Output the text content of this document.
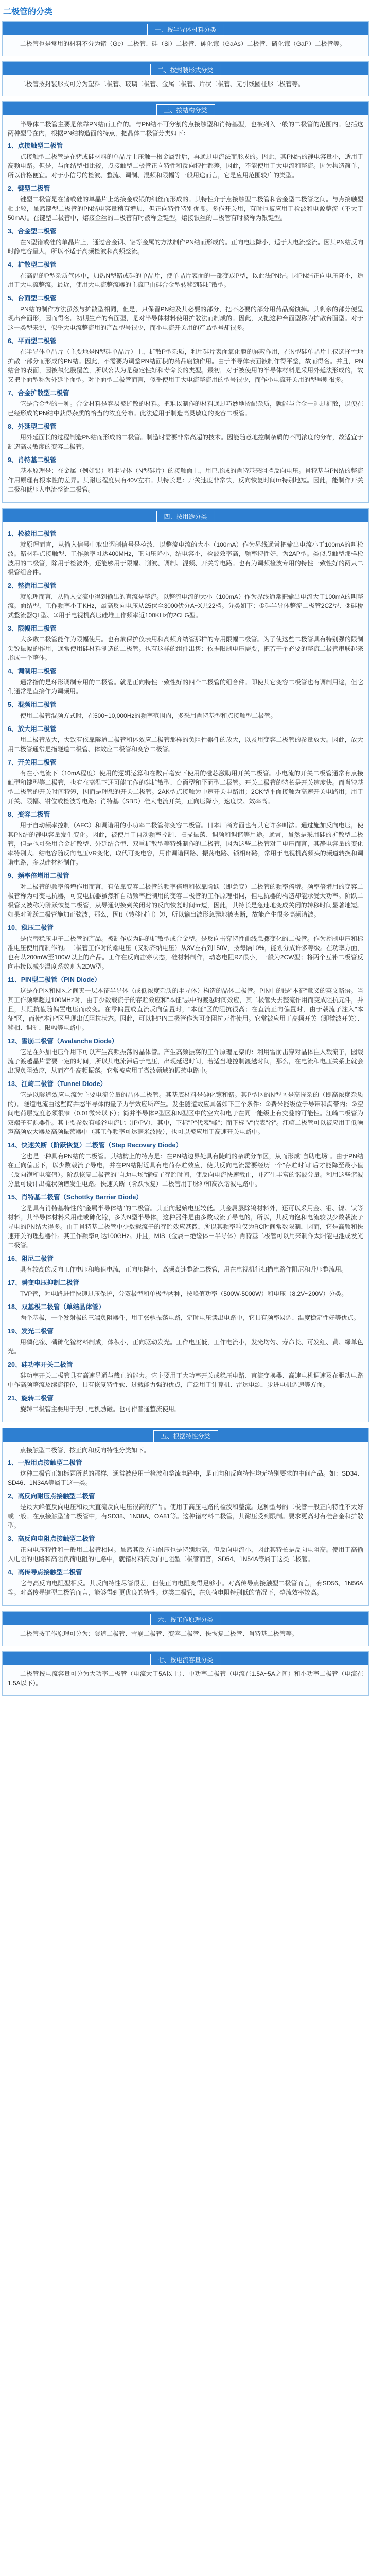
二极管的分类
一、按半导体材料分类

二极管也是常用的材料不分为锗（Ge）二极管、硅（Si）二极管、砷化镓（GaAs）二极管、磷化镓（GaP）二极管等。

二、按封装形式分类

二极管按封装形式可分为塑料二极管、玻璃二极管、金属二极管、片状二极管、无引线圆柱形二极管等。

三、按结构分类

半导体二极管主要是依靠PN结而工作的。与PN结不可分割的点接触型和肖特基型，也被列入一般的二极管的范围内。包括这两种型号在内，根据PN结构造面的特点，把晶体二极管分类如下：

1、点接触型二极管

点接触型二极管是在锗或硅材料的单晶片上压触一根金属针后，再通过电流法而形成的。因此，其PN结的静电容量小，适用于高频电路。但是，与面结型相比较，点接触型二极管正向特性和反向特性都差，因此，不能使用于大电流和整流。因为构造简单，所以价格便宜。对于小信号的检波、整流、调制、混频和限幅等一般用途而言，它是应用范围较广的类型。

2、键型二极管

键型二极管是在锗或硅的单晶片上熔接金或银的细丝而形成的。其特性介于点接触型二极管和合金型二极管之间。与点接触型相比较，虽然键型二极管的PN结电容量稍有增加，但正向特性特别优良。多作开关用，有时也被应用于检波和电源整流（不大于50mA）。在键型二极管中，熔接金丝的二极管有时被称金键型，熔接银丝的二极管有时被称为银键型。

3、合金型二极管

在N型锗或硅的单晶片上，通过合金铟、铝等金属的方法制作PN结而形成的。正向电压降小，适于大电流整流。因其PN结反向时静电容量大，所以不适于高频检波和高频整流。

4、扩散型二极管

在高温的P型杂质气体中，加热N型锗或硅的单晶片，使单晶片表面的一部变成P型，以此法PN结。因PN结正向电压降小，适用于大电流整流。最近，使用大电流整流器的主流已由硅合金型转移到硅扩散型。

5、台面型二极管

PN结的制作方法虽然与扩散型相同，但是，只保留PN结及其必要的部分，把不必要的部分用药品腐蚀掉。其剩余的部分便呈现出台面形，因而得名。初期生产的台面型，是对半导体材料使用扩散法而制成的。因此，又把这种台面型称为扩散台面型。对于这一类型来说，似乎大电流整流用的产品型号很少，而小电流开关用的产品型号却很多。

6、平面型二极管

在半导体单晶片（主要地是N型硅单晶片）上，扩散P型杂质，利用硅片表面氧化膜的屏蔽作用，在N型硅单晶片上仅选择性地扩散一部分而形成的PN结。因此，不需要为调整PN结面积的药品腐蚀作用。由于半导体表面被制作得平整，故而得名。并且，PN结合的表面，因被氧化膜覆盖，所以公认为是稳定性好和寿命长的类型。最初，对于被使用的半导体材料是采用外延法形成的，故又把平面型称为外延平面型。对平面型二极管而言，似乎使用于大电流整流用的型号很少，而作小电流开关用的型号则很多。

7、合金扩散型二极管

它是合金型的一种。合金材料是容易被扩散的材料。把难以制作的材料通过巧妙地掺配杂质，就能与合金一起过扩散，以便在已经形成的PN结中获得杂质的恰当的浓度分布。此法适用于制造高灵敏度的变容二极管。

8、外延型二极管

用外延面长的过程制造PN结而形成的二极管。制造时需要非常高超的技术。因能随意地控制杂质的不同浓度的分布，故适宜于制造高灵敏度的变容二极管。

9、肖特基二极管

基本原理是：在金属（例如铅）和半导体（N型硅片）的接触面上，用已形成的肖特基来阻挡反向电压。肖特基与PN结的整流作用原理有根本性的差异。其耐压程度只有40V左右。其特长是：开关速度非常快，反向恢复时间trr特别地短。因此，能制作开关二极和低压大电流整流二极管。

四、按用途分类
1、检波用二极管

就原理而言，从输入信号中取出调制信号是检波，以整流电流的大小（100mA）作为界线通常把输出电流小于100mA的叫检波。锗材料点接触型、工作频率可达400MHz，正向压降小，结电容小，检波效率高，频率特性好，为2AP型。类似点触型那样检波用的二极管，除用于检波外，还能够用于限幅、削波、调制、混频、开关等电路。也有为调频检波专用的特性一致性好的两只二极管组合件。

2、整流用二极管

就原理而言，从输入交流中得到输出的直流是整流。以整流电流的大小（100mA）作为界线通常把输出电流大于100mA的叫整流。面结型，工作频率小于KHz，最高反向电压从25伏至3000伏分A~X共22档。分类如下：①硅半导体整流二极管2CZ型、②硅桥式整流器QL型、③用于电视机高压硅堆工作频率近100KHz的2CLG型。

3、限幅用二极管

大多数二极管能作为限幅使用。也有象保护仪表用和高频齐纳管那样的专用限幅二极管。为了使这些二极管具有特别强的限制尖锐振幅的作用，通常使用硅材料制造的二极管。也有这样的组件出售：依据限制电压需要，把若干个必要的整流二极管串联起来形成一个整体。

4、调制用二极管

通常指的是环形调制专用的二极管。就是正向特性一致性好的四个二极管的组合件。即使其它变容二极管也有调制用途，但它们通常是直接作为调频用。

5、混频用二极管

使用二极管混频方式时，在500~10,000Hz的频率范围内，多采用肖特基型和点接触型二极管。

6、放大用二极管

用二极管放大，大致有依靠隧道二极管和体效应二极管那样的负阻性器件的放大，以及用变容二极管的参量放大。因此，放大用二极管通常是指隧道二极管、体效应二极管和变容二极管。

7、开关用二极管

有在小电流下（10mA程度）使用的逻辑运算和在数百毫安下使用的磁芯激励用开关二极管。小电流的开关二极管通常有点接触型和键型等二极管，也有在高温下还可能工作的硅扩散型、台面型和平面型二极管。开关二极管的特长是开关速度快。而肖特基型二极管的开关时间特短，因而是理想的开关二极管。2AK型点接触为中速开关电路用；2CK型平面接触为高速开关电路用；用于开关、限幅、钳位或检波等电路；肖特基（SBD）硅大电流开关，正向压降小，速度快、效率高。

8、变容二极管

用于自动频率控制（AFC）和调谐用的小功率二极管称变容二极管。日本厂商方面也有其它许多叫法。通过施加反向电压，使其PN结的静电容量发生变化。因此，被使用于自动频率控制、扫描振荡、调频和调谐等用途。通常，虽然是采用硅的扩散型二极管，但是也可采用合金扩散型、外延结合型、双重扩散型等特殊制作的二极管，因为这些二极管对于电压而言，其静电容量的变化率特别大。结电容随反向电压VR变化，取代可变电容，用作调谐回路、振荡电路、锁相环路，常用于电视机高频头的频道转换和调谐电路，多以硅材料制作。

9、频率倍增用二极管

对二极管的频率倍增作用而言，有依靠变容二极管的频率倍增和依靠阶跃（即急变）二极管的频率倍增。频率倍增用的变容二极管称为可变电抗器，可变电抗器虽然和自动频率控制用的变容二极管的工作原理相同，但电抗器的构造却能承受大功率。阶跃二极管又被称为阶跃恢复二极管，从导通切换到关闭时的反向恢复时间trr短，因此，其特长是急速地变成关闭的转移时间显著地短。如果对阶跃二极管施加正弦波，那么，因tt（转移时间）短，所以输出波形急骤地被夹断，故能产生很多高频谐波。

10、稳压二极管

是代替稳压电子二极管的产品。被制作成为硅的扩散型或合金型。是反向击穿特性曲线急骤变化的二极管。作为控制电压和标准电压使用而制作的。二极管工作时的端电压（又称齐纳电压）从3V左右到150V，按每隔10%，能划分成许多等级。在功率方面，也有从200mW至100W以上的产品。工作在反向击穿状态，硅材料制作，动态电阻RZ很小，一般为2CW型；将两个互补二极管反向串接以减少温度系数则为2DW型。

11、PIN型二极管（PIN Diode）

这是在P区和N区之间夹一层本征半导体（或低浓度杂质的半导体）构造的晶体二极管。PIN中的I是"本征"意义的英文略语。当其工作频率超过100MHz时，由于少数载流子的存贮效应和"本征"层中的渡越时间效应，其二极管失去整流作用而变成阻抗元件，并且，其阻抗值随偏置电压而改变。在零偏置或直流反向偏置时，"本征"区的阻抗很高；在直流正向偏置时，由于载流子注入"本征"区，而使"本征"区呈现出低阻抗状态。因此，可以把PIN二极管作为可变阻抗元件使用。它常被应用于高频开关（即微波开关）、移相、调制、限幅等电路中。

12、雪崩二极管（Avalanche Diode）

它是在外加电压作用下可以产生高频振荡的晶体管。产生高频振荡的工作原理是栾的：利用雪崩击穿对晶体注入载流子，因载流子渡越晶片需要一定的时间，所以其电流滞后于电压，出现延迟时间，若适当地控制渡越时间，那么，在电流和电压关系上就会出现负阻效应，从而产生高频振荡。它常被应用于微波领域的振荡电路中。

13、江崎二极管（Tunnel Diode）

它是以隧道效应电流为主要电流分量的晶体二极管。其基底材料是砷化镓和锗。其P型区的N型区是高掺杂的（即高浓度杂质的）。隧道电流由这些简并态半导体的量子力学效应所产生。发生隧道效应具备如下三个条件：①费米能级位于导带和满带内；②空间电荷层宽度必须很窄（0.01微米以下）；简并半导体P型区和N型区中的空穴和电子在同一能级上有交叠的可能性。江崎二极管为双端子有源器件。其主要参数有峰谷电流比（IP/PV），其中，下标"P"代表"峰"；而下标"V"代表"谷"。江崎二极管可以被应用于低噪声高频放大器及高频振荡器中（其工作频率可达毫米波段），也可以被应用于高速开关电路中。

14、快速关断（阶跃恢复）二极管（Step Recovary Diode）

它也是一种具有PN结的二极管。其结构上的特点是：在PN结边界处具有陡峭的杂质分布区，从而形成"自助电场"。由于PN结在正向偏压下，以少数载流子导电，并在PN结附近具有电荷存贮效应，使其反向电流需要经历一个"存贮时间"后才能降至最小值（反向饱和电流值）。阶跃恢复二极管的"自助电场"缩短了存贮时间，使反向电流快速截止，并产生丰富的谐波分量。利用这些谐波分量可设计出梳状频谱发生电路。快速关断（阶跃恢复）二极管用于脉冲和高次谐波电路中。

15、肖特基二极管（Schottky Barrier Diode）

它是具有肖特基特性的"金属半导体结"的二极管。其正向起始电压较低。其金属层除钨材料外，还可以采用金、钼、镍、钛等材料。其半导体材料采用硅或砷化镓，多为N型半导体。这种器件是由多数载流子导电的，所以，其反向饱和电流较以少数载流子导电的PN结大得多。由于肖特基二极管中少数载流子的存贮效应甚微，所以其频率响仅为RC时间常数限制，因而，它是高频和快速开关的理想器件。其工作频率可达100GHz。并且，MIS（金属－绝缘体－半导体）肖特基二极管可以用来制作太阳能电池或发光二极管。

16、阻尼二极管

具有较高的反向工作电压和峰值电流，正向压降小，高频高速整流二极管，用在电视机行扫描电路作阻尼和升压整流用。

17、瞬变电压抑制二极管

TVP管，对电路进行快速过压保护，分双极型和单极型两种，按峰值功率（500W-5000W）和电压（8.2V~200V）分类。

18、双基极二极管（单结晶体管）

两个基极，一个发射极的三端负阻器件，用于张驰振荡电路，定时电压读出电路中，它具有频率易调、温度稳定性好等优点。

19、发光二极管

用磷化镓、磷砷化镓材料制成，体积小，正向驱动发光。工作电压低，工作电流小，发光均匀、寿命长、可发红、黄、绿单色光。

20、硅功率开关二极管

硅功率开关二极管具有高速导通与截止的能力。它主要用于大功率开关或稳压电路、直流变换器、高速电机调速及在驱动电路中作高频整流及续流箝位，具有恢复特性软、过载能力强的优点，广泛用于计算机、雷达电源、步进电机调速等方面。

21、旋转二极管

旋转二极管主要用于无刷电机励磁。也可作普通整流使用。

五、根据特性分类

点接触型二极管，按正向和反向特性分类如下。

1、一般用点接触型二极管

这种二极管正如标题所说的那样，通常被使用于检波和整流电路中，是正向和反向特性均无特别要求的中间产品。如：SD34、SD46、1N34A等属于这一类。

2、高反向耐压点接触型二极管

是最大峰值反向电压和最大直流反向电压很高的产品。使用于高压电路的检波和整流。这种型号的二极管一般正向特性不太好或一般。在点接触型锗二极管中，有SD38、1N38A、OA81等。这种锗材料二极管，其耐压受到限制。要求更高时有硅合金和扩散型。

3、高反向电阻点接触型二极管

正向电压特性和一般用二极管相同。虽然其反方向耐压也是特别地高，但反向电流小，因此其特长是反向电阻高。使用于高输入电阻的电路和高阻负荷电阻的电路中，就锗材料高反向电阻型二极管而言，SD54、1N54A等属于这类二极管。

4、高传导点接触型二极管

它与高反向电阻型相反。其反向特性尽管很差，但使正向电阻变得足够小。对高传导点接触型二极管而言，有SD56、1N56A等。对高传导键型二极管而言，能够得到更优良的特性。这类二极管，在负荷电阻特别低的情况下，整流效率较高。

六、按工作原理分类

二极管按工作原理可分为：隧道二极管、雪崩二极管、变容二极管、快恢复二极管、肖特基二极管等。

七、按电流容量分类

二极管按电流容量可分为大功率二极管（电流大于5A以上）、中功率二极管（电流在1.5A~5A之间）和小功率二极管（电流在1.5A以下）。
